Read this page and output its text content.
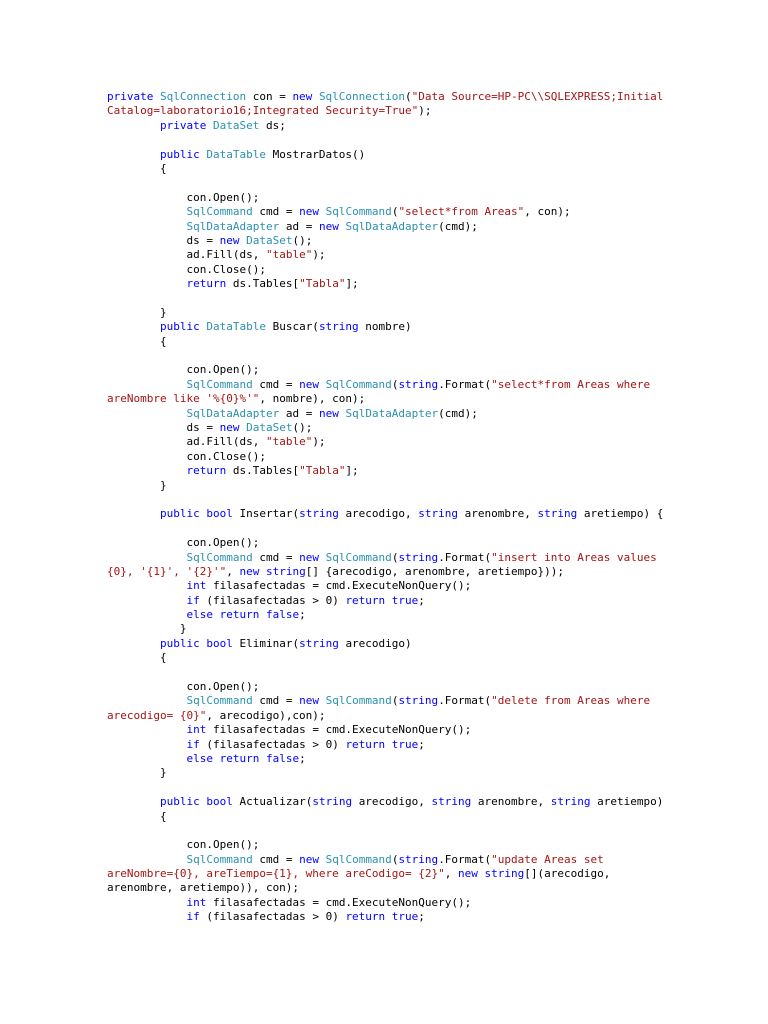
private SqlConnection con = new SqlConnection("Data Source=HP-PC\\SQLEXPRESS;Initial
Catalog=laboratorio16;Integrated Security=True");
private DataSet ds;
public DataTable MostrarDatos()
{
con.Open();
SqlCommand cmd = new SqlCommand("select*from Areas", con);
SqlDataAdapter ad = new SqlDataAdapter(cmd);
ds = new DataSet();
ad.Fill(ds, "table");
con.Close();
return ds.Tables["Tabla"];
}
public DataTable Buscar(string nombre)
{
con.Open();
SqlCommand cmd = new SqlCommand(string.Format("select*from Areas where
areNombre like '%{0}%'", nombre), con);
SqlDataAdapter ad = new SqlDataAdapter(cmd);
ds = new DataSet();
ad.Fill(ds, "table");
con.Close();
return ds.Tables["Tabla"];
}
public bool Insertar(string arecodigo, string arenombre, string aretiempo) {
con.Open();
SqlCommand cmd = new SqlCommand(string.Format("insert into Areas values
{0}, '{1}', '{2}'", new string[] {arecodigo, arenombre, aretiempo}));
int filasafectadas = cmd.ExecuteNonQuery();
if (filasafectadas > 0) return true;
else return false;
}
public bool Eliminar(string arecodigo)
{
con.Open();
SqlCommand cmd = new SqlCommand(string.Format("delete from Areas where
arecodigo= {0}", arecodigo),con);
int filasafectadas = cmd.ExecuteNonQuery();
if (filasafectadas > 0) return true;
else return false;
}
public bool Actualizar(string arecodigo, string arenombre, string aretiempo)
{
con.Open();
SqlCommand cmd = new SqlCommand(string.Format("update Areas set
areNombre={0}, areTiempo={1}, where areCodigo= {2}", new string[](arecodigo,
arenombre, aretiempo)), con);
int filasafectadas = cmd.ExecuteNonQuery();
if (filasafectadas > 0) return true;
